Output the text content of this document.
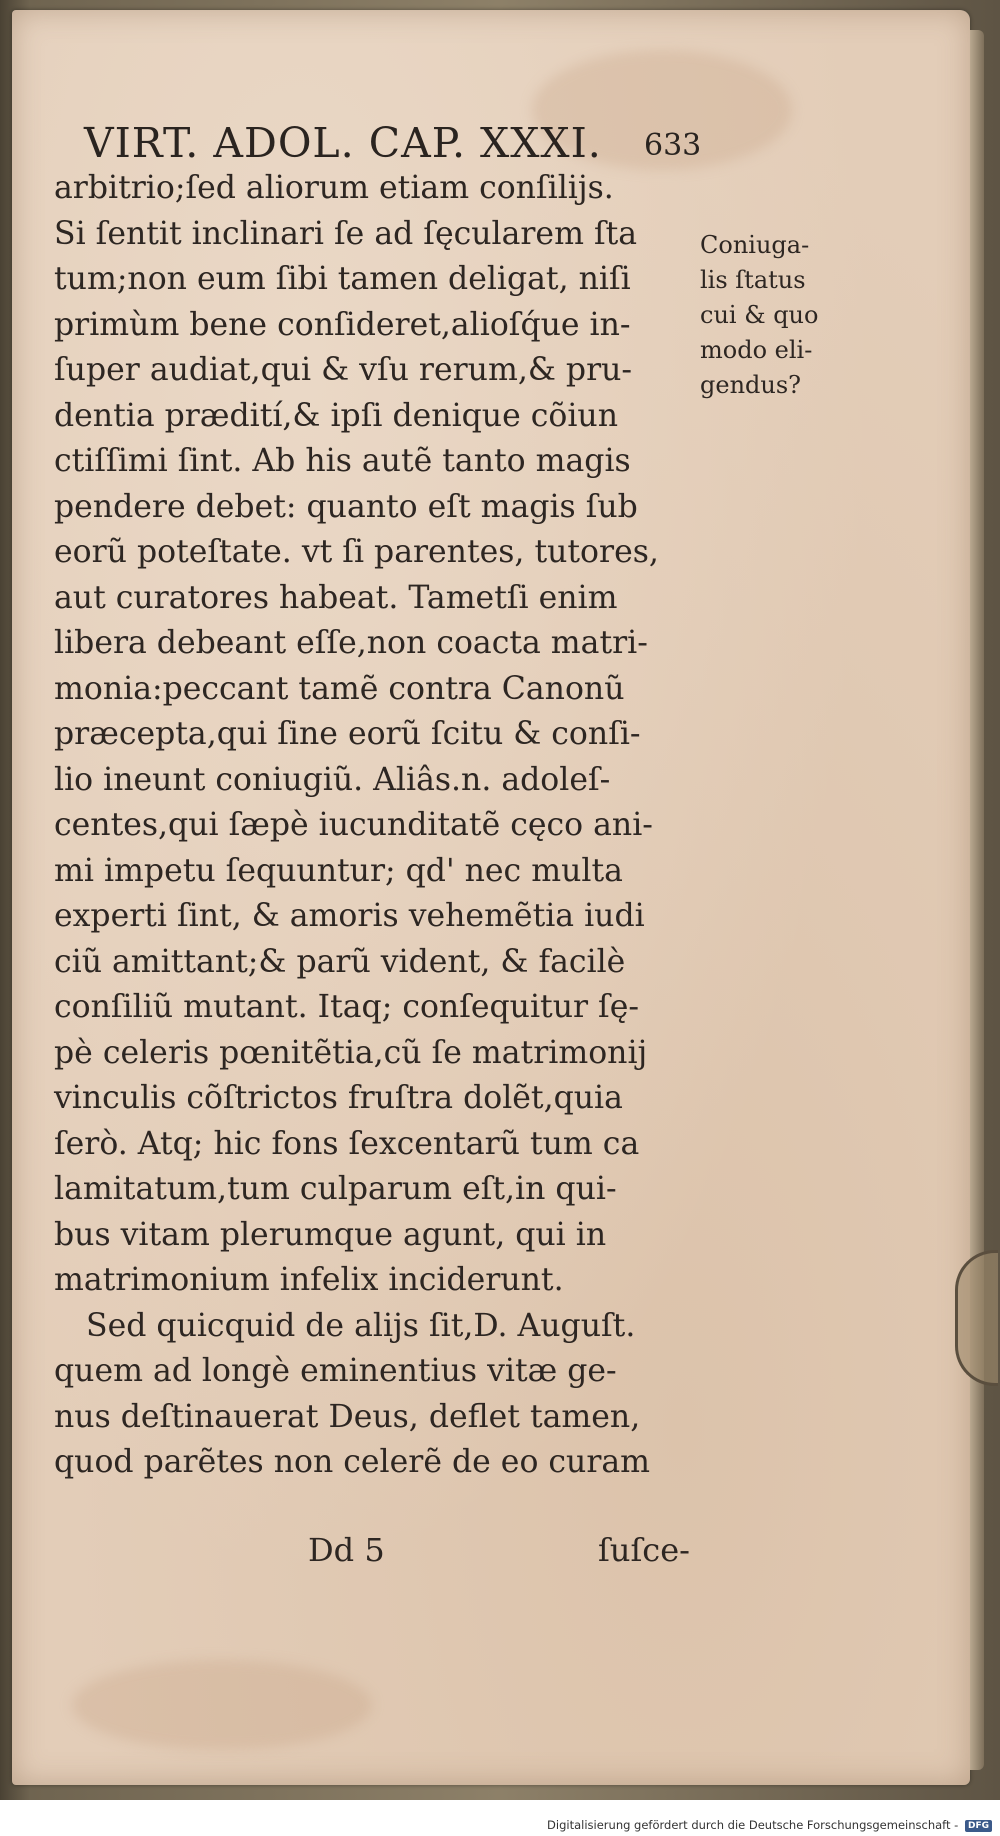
VIRT. ADOL. CAP. XXXI. 633
arbitrio;ſed aliorum etiam conſilijs.
Si ſentit inclinari ſe ad ſęcularem ſta
tum;non eum ſibi tamen deligat, niſi
primùm bene conſideret,alioſq́ue in-
ſuper audiat,qui & vſu rerum,& pru-
dentia prædití,& ipſi denique cõiun
ctiſſimi ſint. Ab his autẽ tanto magis
pendere debet: quanto eſt magis ſub
eorũ poteſtate. vt ſi parentes, tutores,
aut curatores habeat. Tametſi enim
libera debeant eſſe,non coacta matri-
monia:peccant tamẽ contra Canonũ
præcepta,qui ſine eorũ ſcitu & conſi-
lio ineunt coniugiũ. Aliâs.n. adoleſ-
centes,qui ſæpè iucunditatẽ cęco ani-
mi impetu ſequuntur; qd' nec multa
experti ſint, & amoris vehemẽtia iudi
ciũ amittant;& parũ vident, & facilè
conſiliũ mutant. Itaq; conſequitur ſę-
pè celeris pœnitẽtia,cũ ſe matrimonij
vinculis cõſtrictos fruſtra dolẽt,quia
ſerò. Atq; hic fons ſexcentarũ tum ca
lamitatum,tum culparum eſt,in qui-
bus vitam plerumque agunt, qui in
matrimonium infelix inciderunt.
Sed quicquid de alijs ſit,D. Auguſt.
quem ad longè eminentius vitæ ge-
nus deſtinauerat Deus, deflet tamen,
quod parẽtes non celerẽ de eo curam
Coniuga-
lis ſtatus
cui & quo
modo eli-
gendus?
Dd 5	ſuſce-
Digitalisierung gefördert durch die Deutsche Forschungsgemeinschaft - DFG
